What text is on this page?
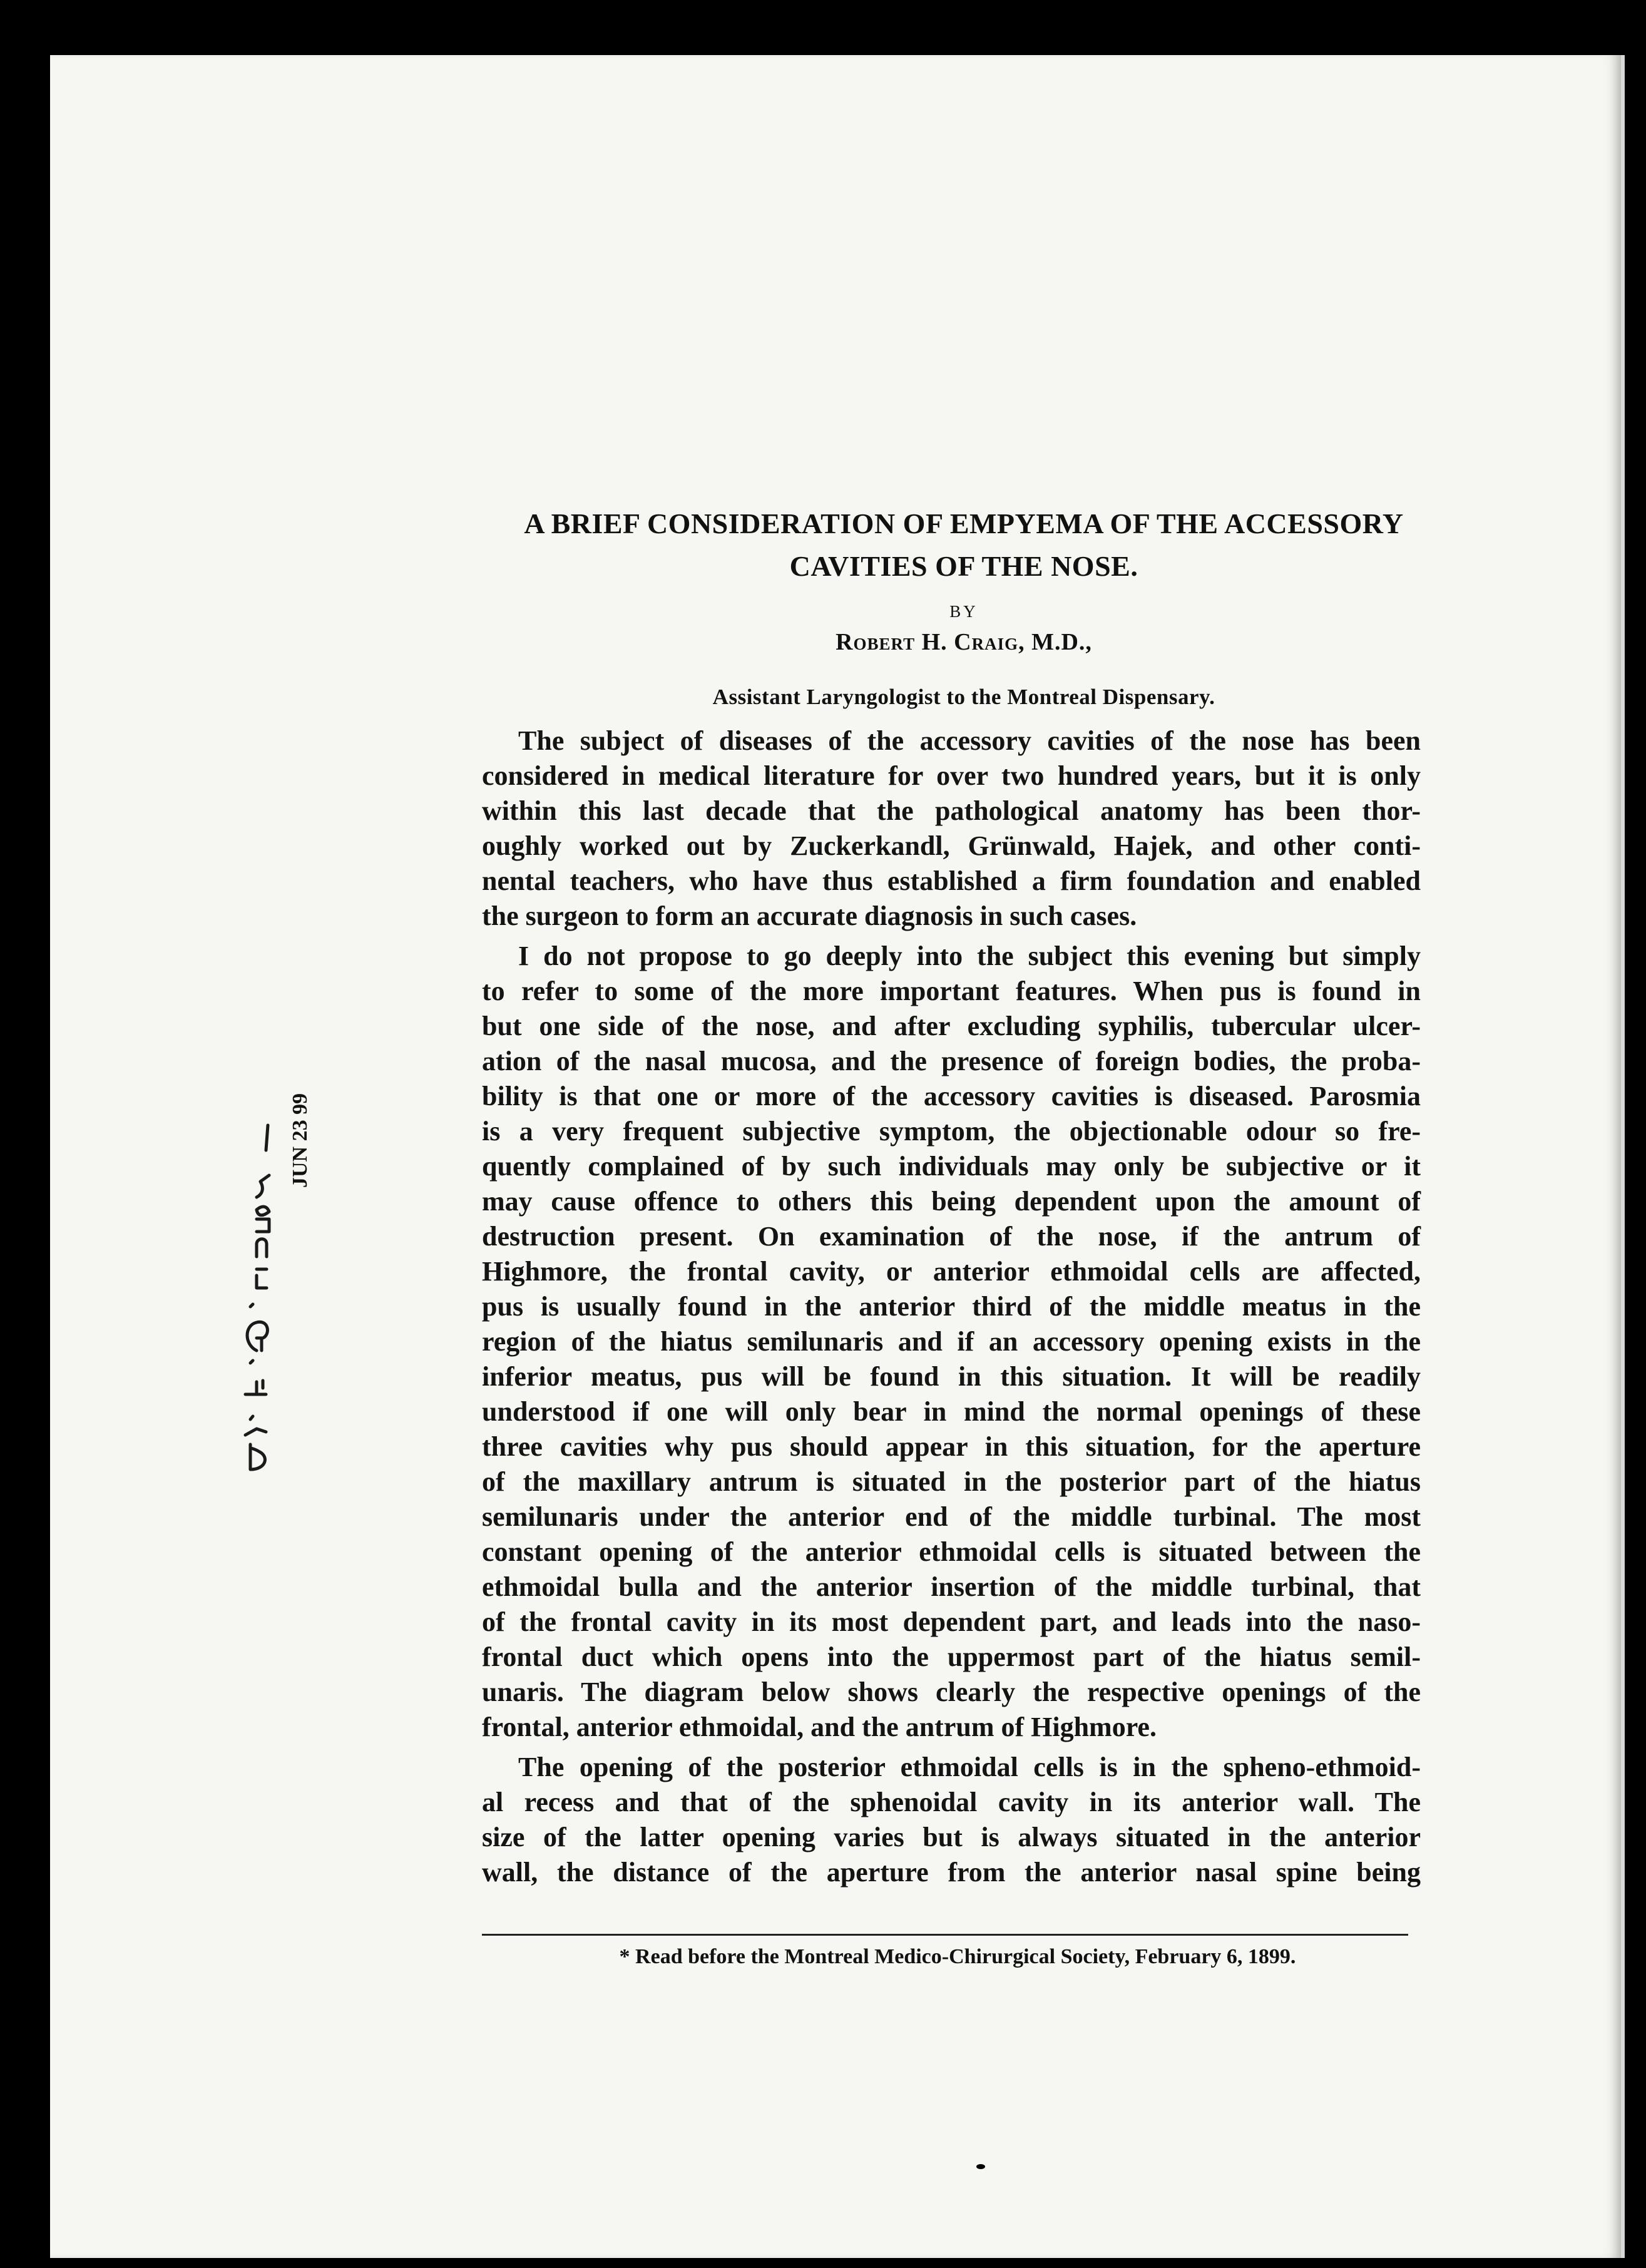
JUN 23 99
A BRIEF CONSIDERATION OF EMPYEMA OF THE ACCESSORY
CAVITIES OF THE NOSE.
BY
Robert H. Craig, M.D.,
Assistant Laryngologist to the Montreal Dispensary.

The subject of diseases of the accessory cavities of the nose has been

considered in medical literature for over two hundred years, but it is only

within this last decade that the pathological anatomy has been thor-

oughly worked out by Zuckerkandl, Grünwald, Hajek, and other conti-

nental teachers, who have thus established a firm foundation and enabled

the surgeon to form an accurate diagnosis in such cases.

I do not propose to go deeply into the subject this evening but simply

to refer to some of the more important features. When pus is found in

but one side of the nose, and after excluding syphilis, tubercular ulcer-

ation of the nasal mucosa, and the presence of foreign bodies, the proba-

bility is that one or more of the accessory cavities is diseased. Parosmia

is a very frequent subjective symptom, the objectionable odour so fre-

quently complained of by such individuals may only be subjective or it

may cause offence to others this being dependent upon the amount of

destruction present. On examination of the nose, if the antrum of

Highmore, the frontal cavity, or anterior ethmoidal cells are affected,

pus is usually found in the anterior third of the middle meatus in the

region of the hiatus semilunaris and if an accessory opening exists in the

inferior meatus, pus will be found in this situation. It will be readily

understood if one will only bear in mind the normal openings of these

three cavities why pus should appear in this situation, for the aperture

of the maxillary antrum is situated in the posterior part of the hiatus

semilunaris under the anterior end of the middle turbinal. The most

constant opening of the anterior ethmoidal cells is situated between the

ethmoidal bulla and the anterior insertion of the middle turbinal, that

of the frontal cavity in its most dependent part, and leads into the naso-

frontal duct which opens into the uppermost part of the hiatus semil-

unaris. The diagram below shows clearly the respective openings of the

frontal, anterior ethmoidal, and the antrum of Highmore.

The opening of the posterior ethmoidal cells is in the spheno-ethmoid-

al recess and that of the sphenoidal cavity in its anterior wall. The

size of the latter opening varies but is always situated in the anterior

wall, the distance of the aperture from the anterior nasal spine being

* Read before the Montreal Medico-Chirurgical Society, February 6, 1899.
